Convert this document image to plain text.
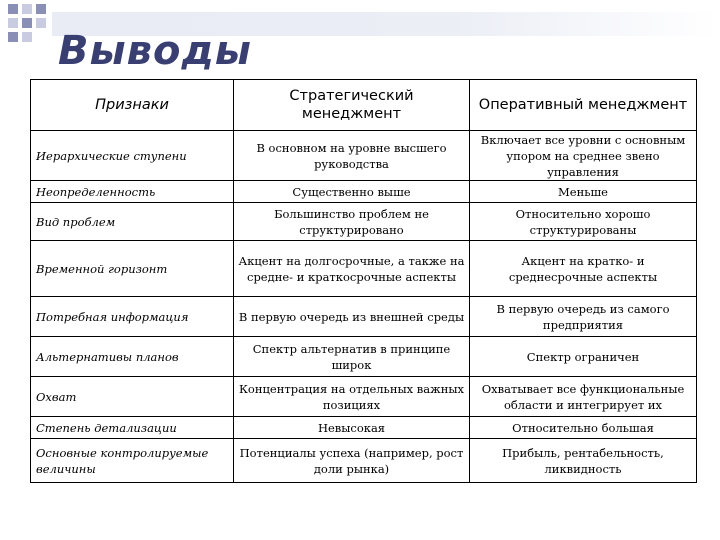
Выводы
Признаки	Стратегический менеджмент	Оперативный менеджмент
Иерархические ступени	В основном на уровне высшего руководства	Включает все уровни с основным упором на среднее звено управления
Неопределенность	Существенно выше	Меньше
Вид проблем	Большинство проблем не структурировано	Относительно хорошо структурированы
Временной горизонт	Акцент на долгосрочные, а также на средне- и краткосрочные аспекты	Акцент на кратко- и среднесрочные аспекты
Потребная информация	В первую очередь из внешней среды	В первую очередь из самого предприятия
Альтернативы планов	Спектр альтернатив в принципе широк	Спектр ограничен
Охват	Концентрация на отдельных важных позициях	Охватывает все функциональные области и интегрирует их
Степень детализации	Невысокая	Относительно большая
Основные контролируемые величины	Потенциалы успеха (например, рост доли рынка)	Прибыль, рентабельность, ликвидность
